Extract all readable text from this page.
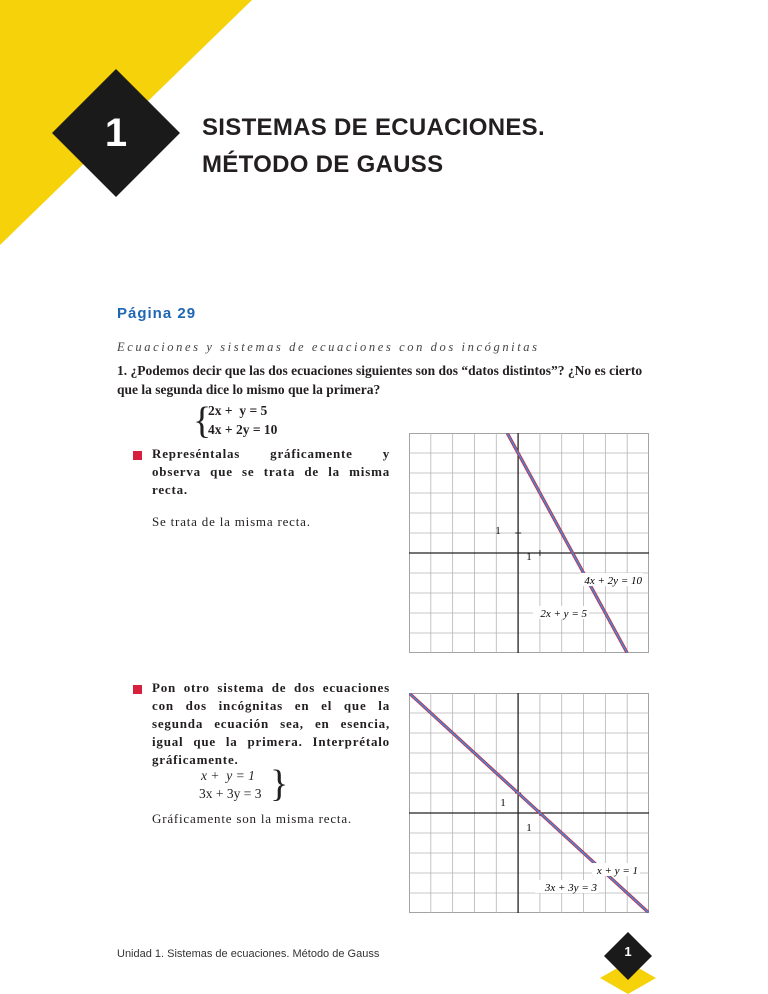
1	SISTEMAS DE ECUACIONES.
MÉTODO DE GAUSS
Página 29
Ecuaciones y sistemas de ecuaciones con dos incógnitas
1. ¿Podemos decir que las dos ecuaciones siguientes son dos “datos distintos”? ¿No es cierto que la segunda dice lo mismo que la primera?
{
2x +  y = 5
4x + 2y = 10
Represéntalas gráficamente y observa que se trata de la misma recta.
Se trata de la misma recta.
1
1
4x + 2y = 10
2x + y = 5
Pon otro sistema de dos ecuaciones con dos incógnitas en el que la segunda ecuación sea, en esencia, igual que la primera. Interprétalo gráficamente.
x +  y = 1
3x + 3y = 3 }
Gráficamente son la misma recta.
1
1
x + y = 1
3x + 3y = 3
Unidad 1. Sistemas de ecuaciones. Método de Gauss	1
